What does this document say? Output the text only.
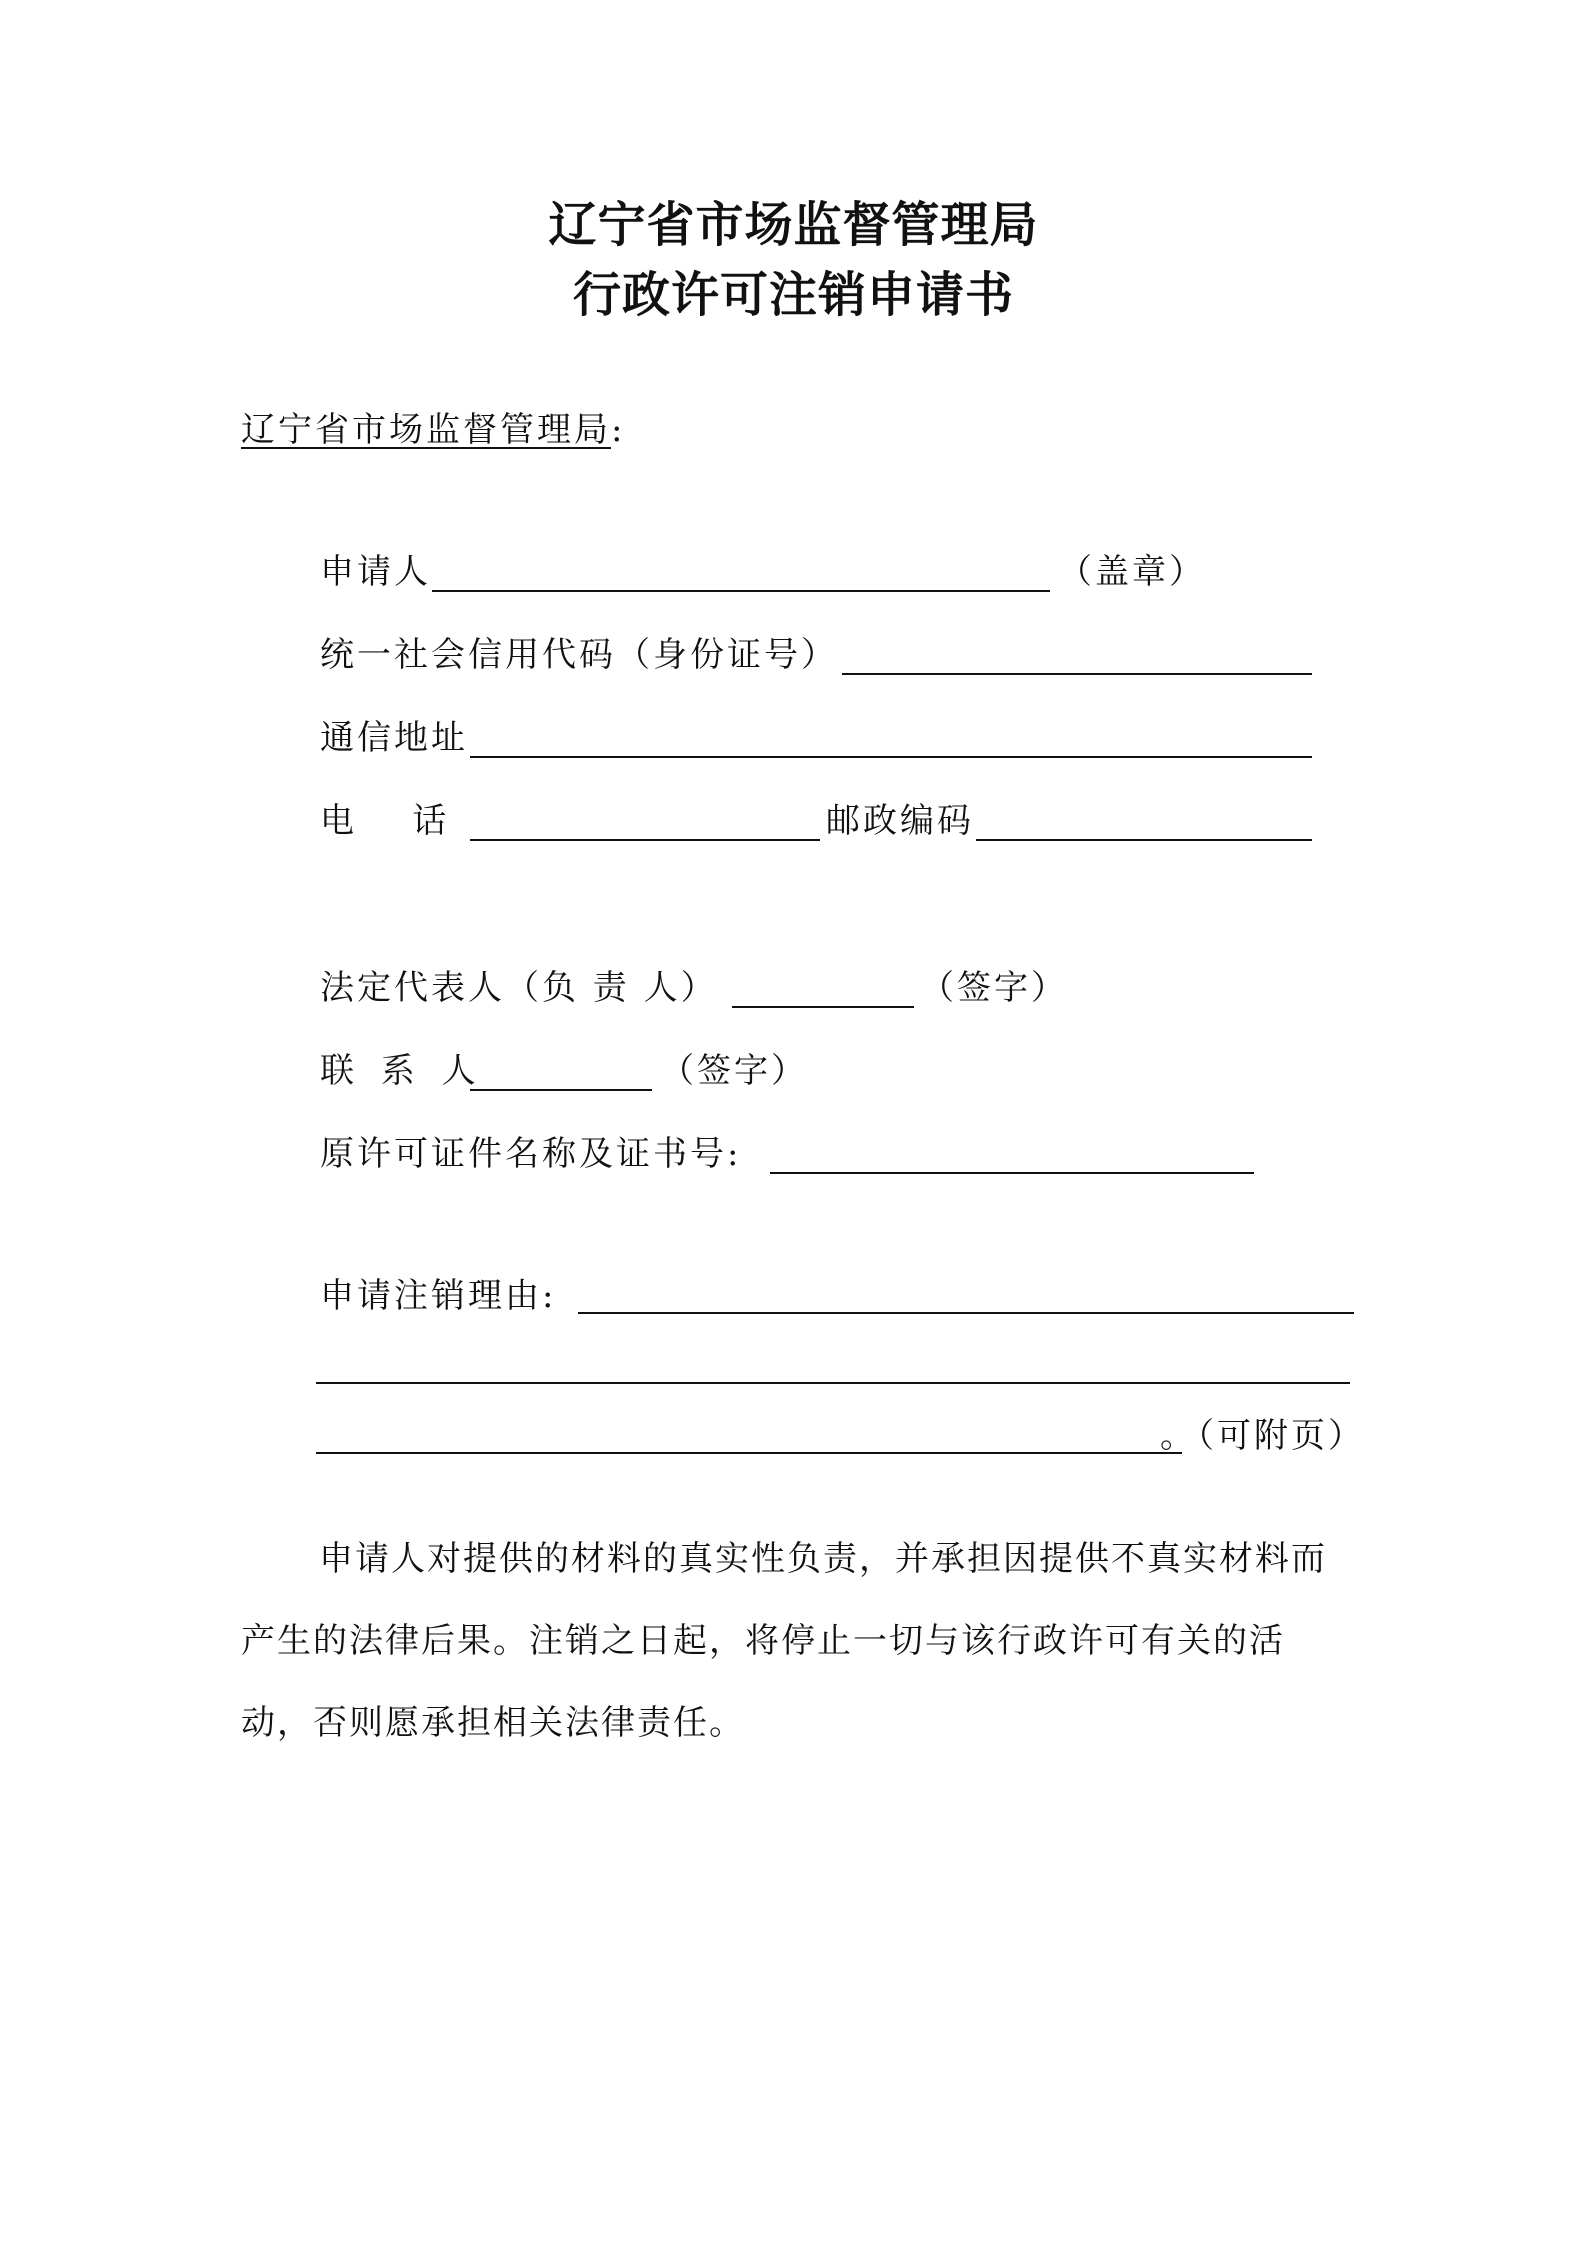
辽宁省市场监督管理局
行政许可注销申请书
辽宁省市场监督管理局:
申请人	（盖章）
统一社会信用代码（身份证号）
通信地址
电    话	邮政编码
法定代表人（负 责 人）	（签字）
联 系 人	（签字）
原许可证件名称及证书号:
申请注销理由:
。（可附页）
申请人对提供的材料的真实性负责，并承担因提供不真实材料而产生的法律后果。注销之日起，将停止一切与该行政许可有关的活动，否则愿承担相关法律责任。
